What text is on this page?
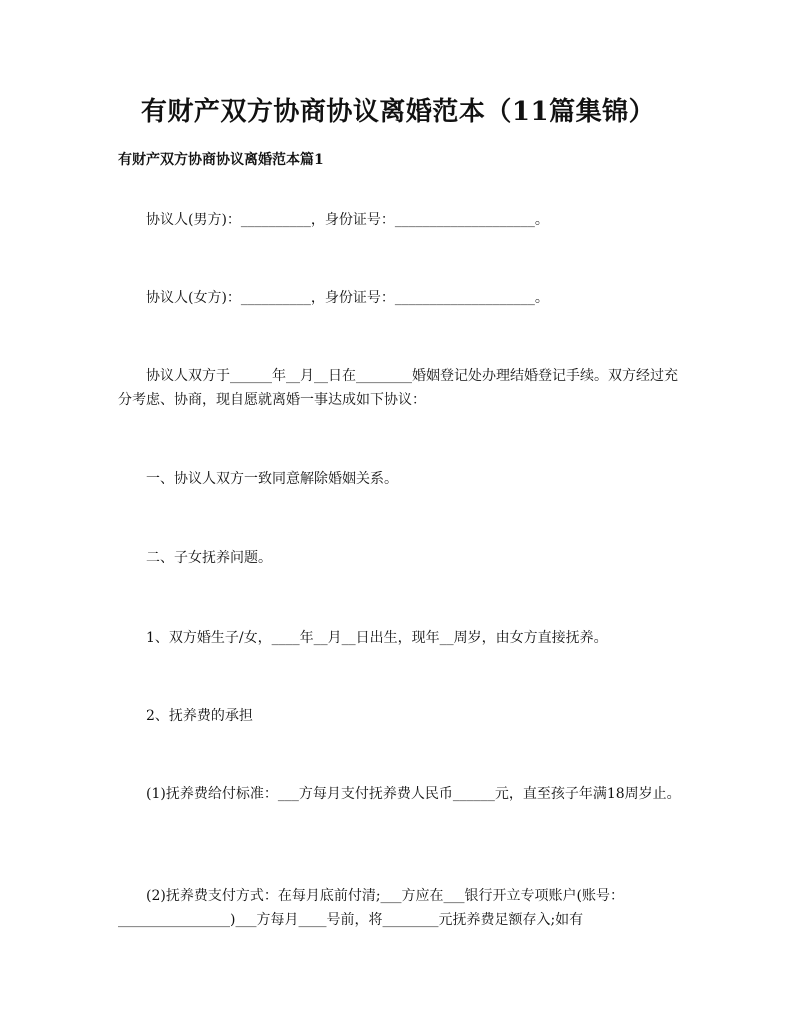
有财产双方协商协议离婚范本（11篇集锦）
有财产双方协商协议离婚范本篇1

协议人(男方)：__________，身份证号：____________________。

协议人(女方)：__________，身份证号：____________________。

协议人双方于______年__月__日在________婚姻登记处办理结婚登记手续。双方经过充分考虑、协商，现自愿就离婚一事达成如下协议：

一、协议人双方一致同意解除婚姻关系。

二、子女抚养问题。

1、双方婚生子/女，____年__月__日出生，现年__周岁，由女方直接抚养。

2、抚养费的承担

(1)抚养费给付标准：___方每月支付抚养费人民币______元，直至孩子年满18周岁止。

(2)抚养费支付方式：在每月底前付清;___方应在___银行开立专项账户(账号：________________)___方每月____号前，将________元抚养费足额存入;如有
